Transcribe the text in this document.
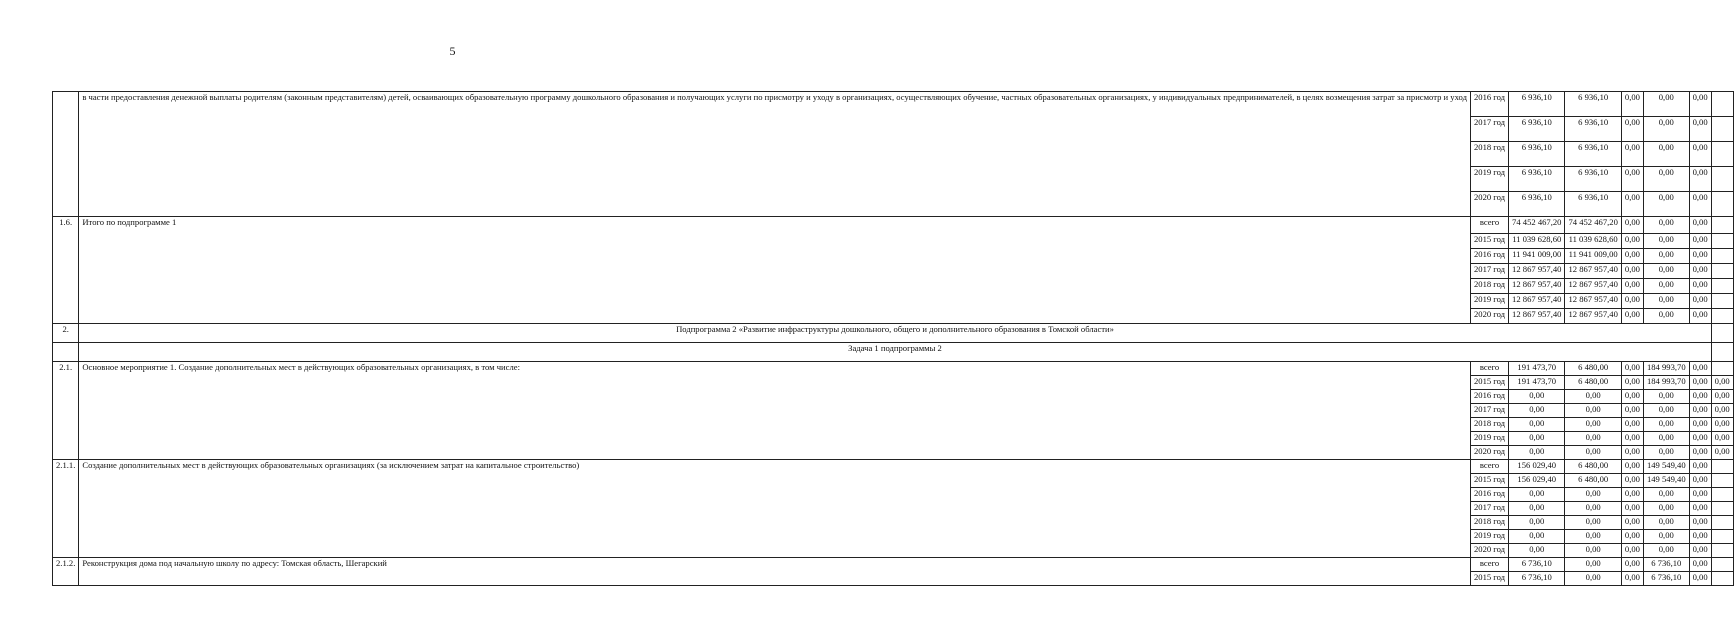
5
	в части предоставления денежной выплаты родителям (законным представителям) детей, осваивающих образовательную программу дошкольного образования и получающих услуги по присмотру и уходу в организациях, осуществляющих обучение, частных образовательных организациях, у индивидуальных предпринимателей, в целях возмещения затрат за присмотр и уход	2016 год	6 936,10	6 936,10	0,00	0,00	0,00	
		2017 год	6 936,10	6 936,10	0,00	0,00	0,00	
		2018 год	6 936,10	6 936,10	0,00	0,00	0,00	
		2019 год	6 936,10	6 936,10	0,00	0,00	0,00	
		2020 год	6 936,10	6 936,10	0,00	0,00	0,00	
1.6.	Итого по подпрограмме 1	всего	74 452 467,20	74 452 467,20	0,00	0,00	0,00	
		2015 год	11 039 628,60	11 039 628,60	0,00	0,00	0,00	
		2016 год	11 941 009,00	11 941 009,00	0,00	0,00	0,00	
		2017 год	12 867 957,40	12 867 957,40	0,00	0,00	0,00	
		2018 год	12 867 957,40	12 867 957,40	0,00	0,00	0,00	
		2019 год	12 867 957,40	12 867 957,40	0,00	0,00	0,00	
		2020 год	12 867 957,40	12 867 957,40	0,00	0,00	0,00	
2.	Подпрограмма 2 «Развитие инфраструктуры дошкольного, общего и дополнительного образования в Томской области»							
	Задача 1 подпрограммы 2							
2.1.	Основное мероприятие 1. Создание дополнительных мест в действующих образовательных организациях, в том числе:	всего	191 473,70	6 480,00	0,00	184 993,70	0,00	
		2015 год	191 473,70	6 480,00	0,00	184 993,70	0,00	0,00
		2016 год	0,00	0,00	0,00	0,00	0,00	0,00
		2017 год	0,00	0,00	0,00	0,00	0,00	0,00
		2018 год	0,00	0,00	0,00	0,00	0,00	0,00
		2019 год	0,00	0,00	0,00	0,00	0,00	0,00
		2020 год	0,00	0,00	0,00	0,00	0,00	0,00
2.1.1.	Создание дополнительных мест в действующих образовательных организациях (за исключением затрат на капитальное строительство)	всего	156 029,40	6 480,00	0,00	149 549,40	0,00	
		2015 год	156 029,40	6 480,00	0,00	149 549,40	0,00	
		2016 год	0,00	0,00	0,00	0,00	0,00	
		2017 год	0,00	0,00	0,00	0,00	0,00	
		2018 год	0,00	0,00	0,00	0,00	0,00	
		2019 год	0,00	0,00	0,00	0,00	0,00	
		2020 год	0,00	0,00	0,00	0,00	0,00	
2.1.2.	Реконструкция дома под начальную школу по адресу: Томская область, Шегарский	всего	6 736,10	0,00	0,00	6 736,10	0,00	
		2015 год	6 736,10	0,00	0,00	6 736,10	0,00	
